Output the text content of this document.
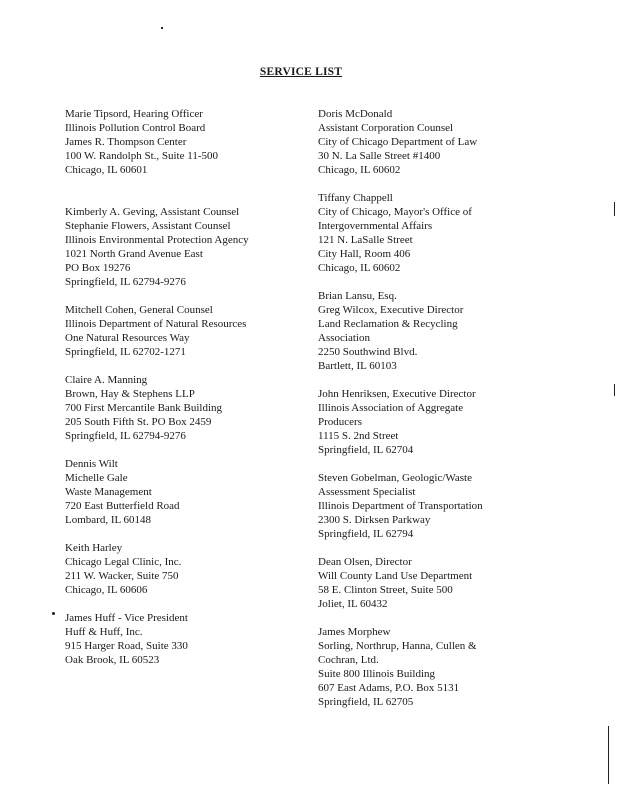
SERVICE LIST
Marie Tipsord, Hearing Officer
Illinois Pollution Control Board
James R. Thompson Center
100 W. Randolph St., Suite 11-500
Chicago, IL 60601
Kimberly A. Geving, Assistant Counsel
Stephanie Flowers, Assistant Counsel
Illinois Environmental Protection Agency
1021 North Grand Avenue East
PO Box 19276
Springfield, IL 62794-9276
Mitchell Cohen, General Counsel
Illinois Department of Natural Resources
One Natural Resources Way
Springfield, IL 62702-1271
Claire A. Manning
Brown, Hay & Stephens LLP
700 First Mercantile Bank Building
205 South Fifth St. PO Box 2459
Springfield, IL 62794-9276
Dennis Wilt
Michelle Gale
Waste Management
720 East Butterfield Road
Lombard, IL 60148
Keith Harley
Chicago Legal Clinic, Inc.
211 W. Wacker, Suite 750
Chicago, IL 60606
James Huff - Vice President
Huff & Huff, Inc.
915 Harger Road, Suite 330
Oak Brook, IL 60523
Doris McDonald
Assistant Corporation Counsel
City of Chicago Department of Law
30 N. La Salle Street #1400
Chicago, IL 60602
Tiffany Chappell
City of Chicago, Mayor's Office of
Intergovernmental Affairs
121 N. LaSalle Street
City Hall, Room 406
Chicago, IL 60602
Brian Lansu, Esq.
Greg Wilcox, Executive Director
Land Reclamation & Recycling
Association
2250 Southwind Blvd.
Bartlett, IL 60103
John Henriksen, Executive Director
Illinois Association of Aggregate
Producers
1115 S. 2nd Street
Springfield, IL 62704
Steven Gobelman, Geologic/Waste
Assessment Specialist
Illinois Department of Transportation
2300 S. Dirksen Parkway
Springfield, IL 62794
Dean Olsen, Director
Will County Land Use Department
58 E. Clinton Street, Suite 500
Joliet, IL 60432
James Morphew
Sorling, Northrup, Hanna, Cullen &
Cochran, Ltd.
Suite 800 Illinois Building
607 East Adams, P.O. Box 5131
Springfield, IL 62705
